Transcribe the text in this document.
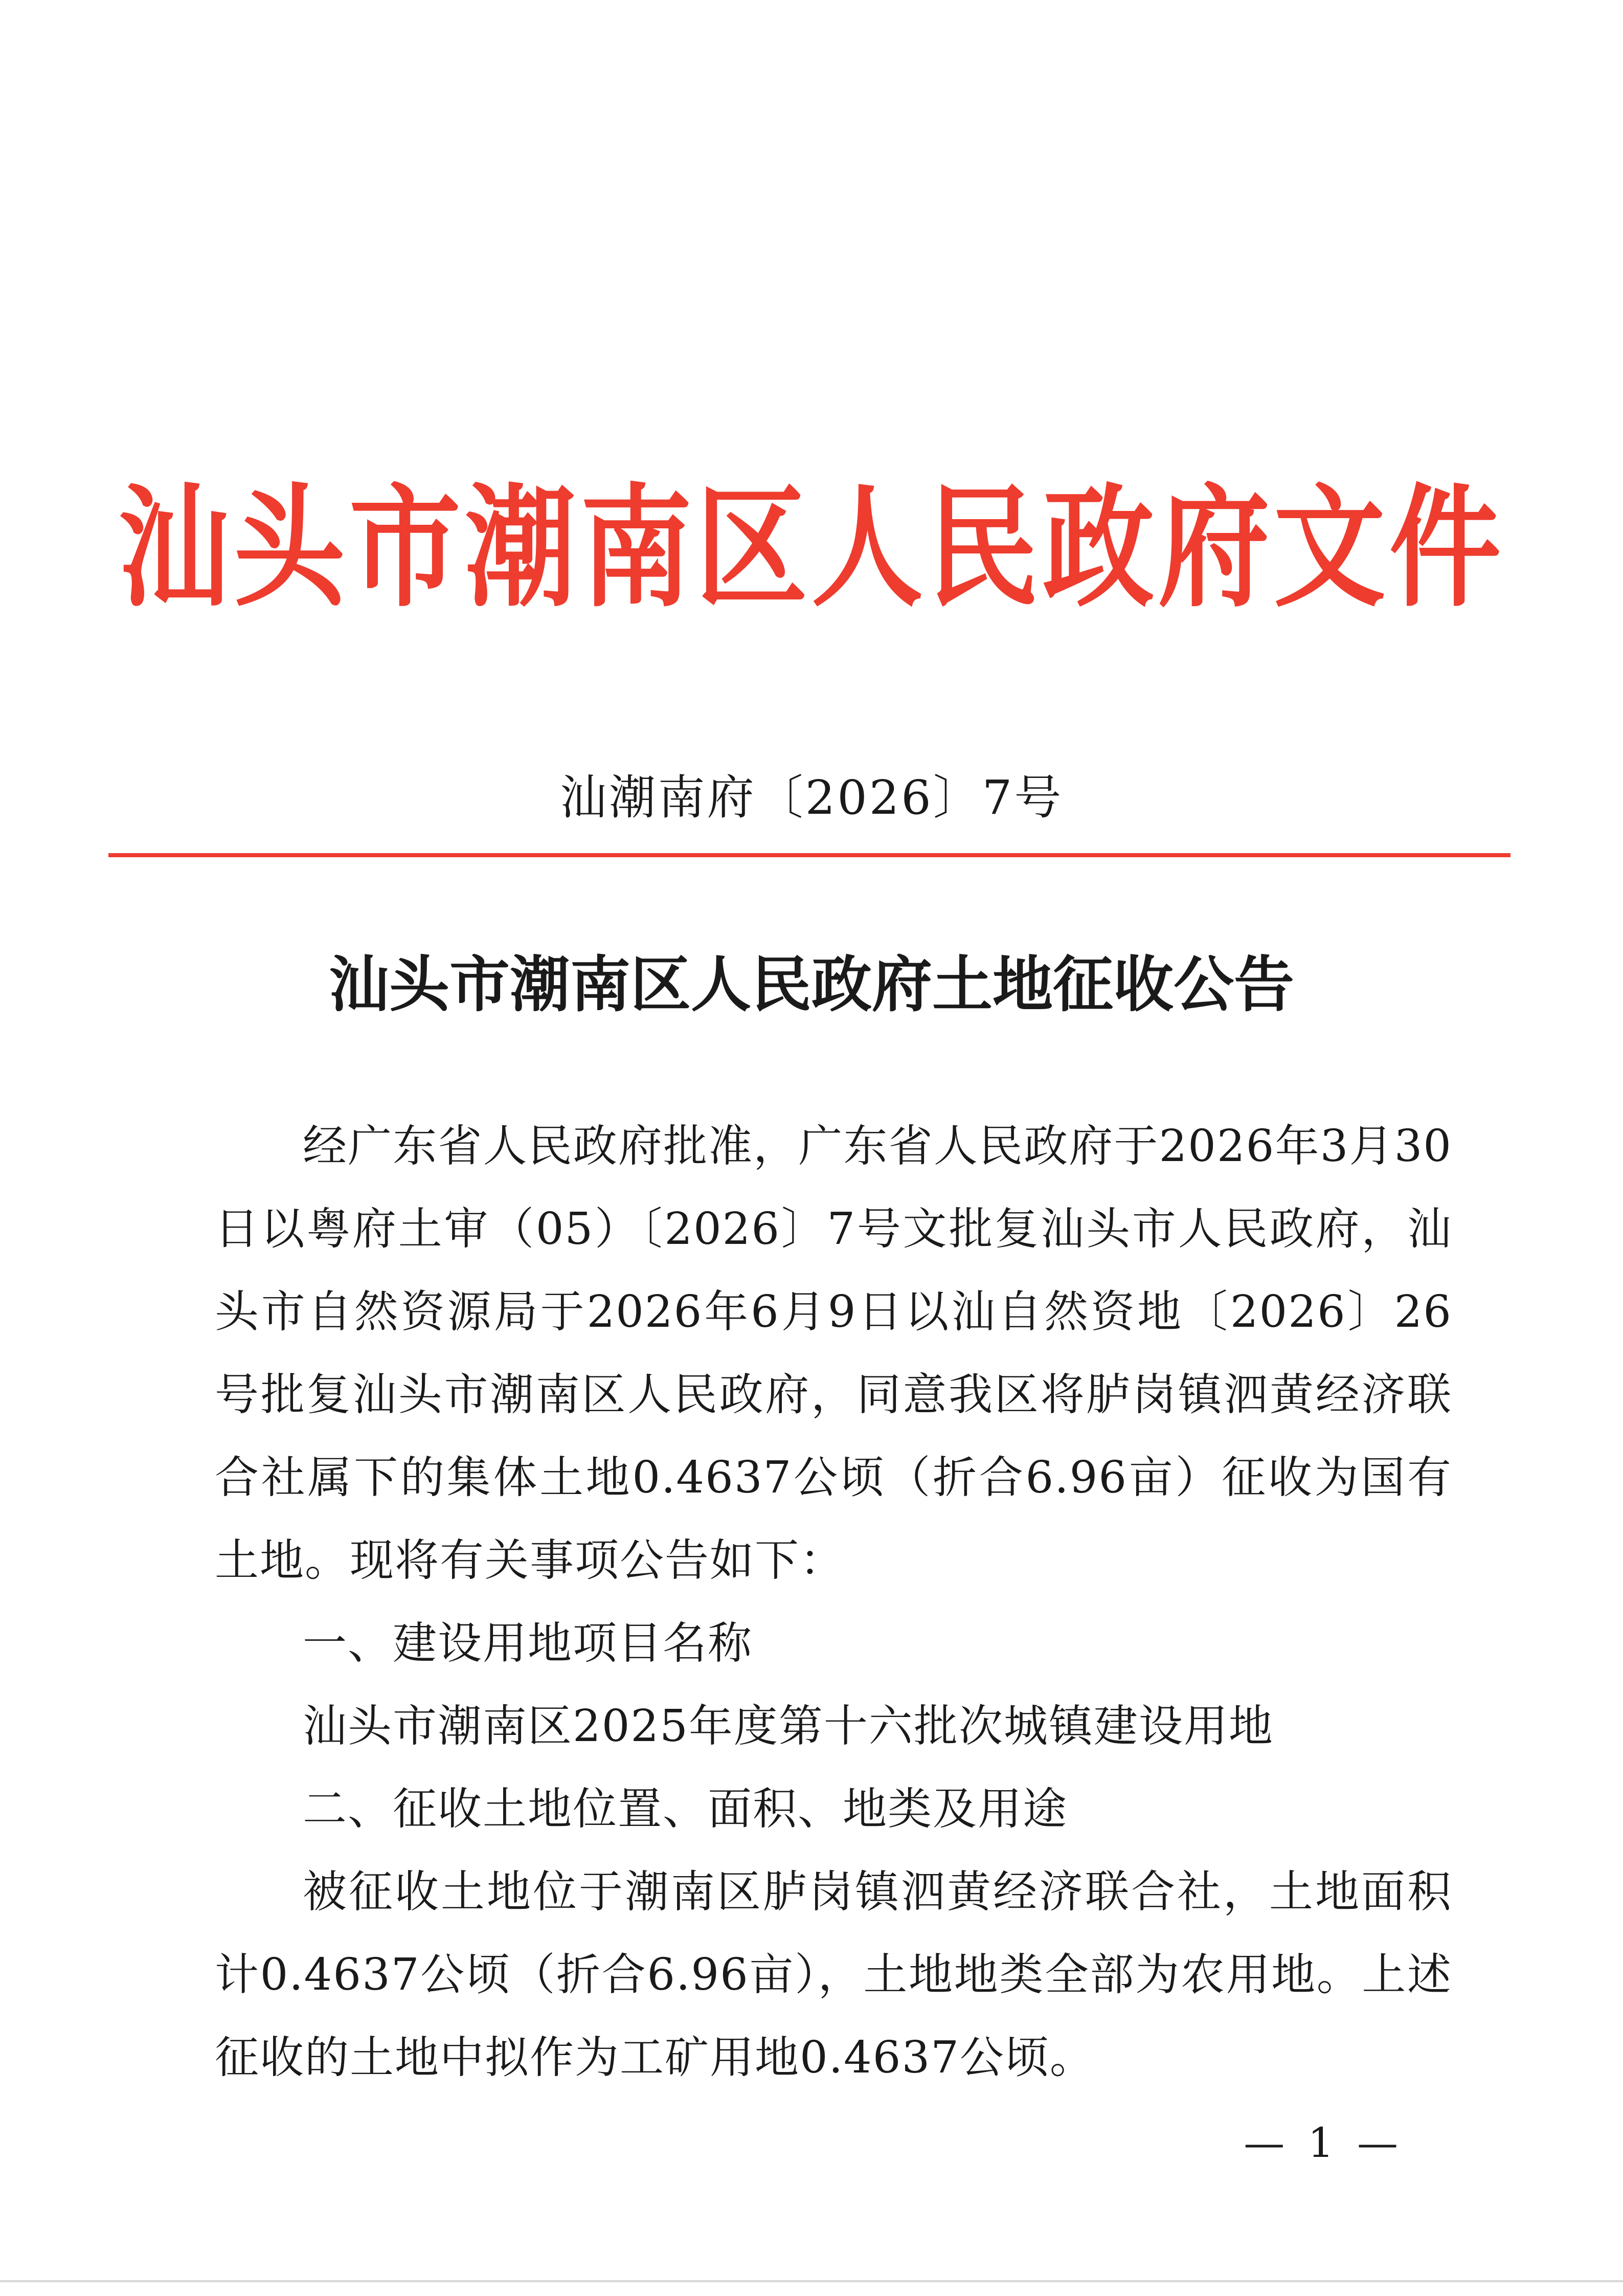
汕头市潮南区人民政府文件
汕潮南府〔2026〕7号
汕头市潮南区人民政府土地征收公告

经广东省人民政府批准，广东省人民政府于2026年3月30日以粤府土审（05）〔2026〕7号文批复汕头市人民政府，汕头市自然资源局于2026年6月9日以汕自然资地〔2026〕26号批复汕头市潮南区人民政府，同意我区将胪岗镇泗黄经济联合社属下的集体土地0.4637公顷（折合6.96亩）征收为国有土地。现将有关事项公告如下：

一、建设用地项目名称

汕头市潮南区2025年度第十六批次城镇建设用地

二、征收土地位置、面积、地类及用途

被征收土地位于潮南区胪岗镇泗黄经济联合社，土地面积计0.4637公顷（折合6.96亩），土地地类全部为农用地。上述征收的土地中拟作为工矿用地0.4637公顷。

— 1 —
